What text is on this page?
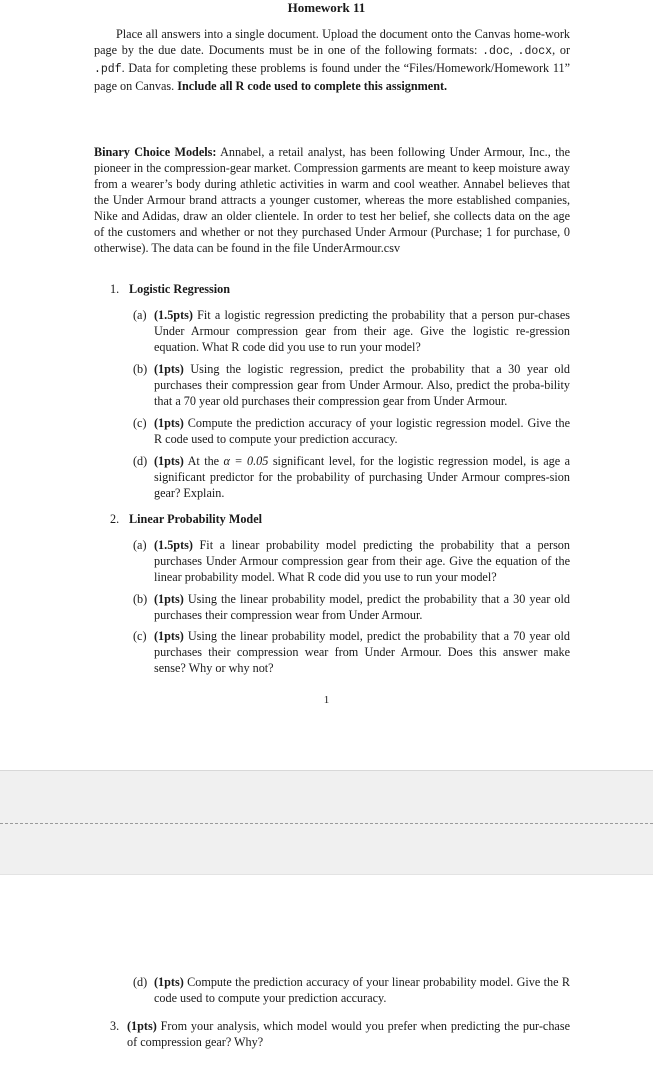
Homework 11
Place all answers into a single document. Upload the document onto the Canvas home-work page by the due date. Documents must be in one of the following formats: .doc, .docx, or .pdf. Data for completing these problems is found under the “Files/Homework/Homework 11” page on Canvas. Include all R code used to complete this assignment.
Binary Choice Models: Annabel, a retail analyst, has been following Under Armour, Inc., the pioneer in the compression-gear market. Compression garments are meant to keep moisture away from a wearer’s body during athletic activities in warm and cool weather. Annabel believes that the Under Armour brand attracts a younger customer, whereas the more established companies, Nike and Adidas, draw an older clientele. In order to test her belief, she collects data on the age of the customers and whether or not they purchased Under Armour (Purchase; 1 for purchase, 0 otherwise). The data can be found in the file UnderArmour.csv
1. Logistic Regression
(a) (1.5pts) Fit a logistic regression predicting the probability that a person pur-chases Under Armour compression gear from their age. Give the logistic re-gression equation. What R code did you use to run your model?
(b) (1pts) Using the logistic regression, predict the probability that a 30 year old purchases their compression gear from Under Armour. Also, predict the proba-bility that a 70 year old purchases their compression gear from Under Armour.
(c) (1pts) Compute the prediction accuracy of your logistic regression model. Give the R code used to compute your prediction accuracy.
(d) (1pts) At the α = 0.05 significant level, for the logistic regression model, is age a significant predictor for the probability of purchasing Under Armour compres-sion gear? Explain.
2. Linear Probability Model
(a) (1.5pts) Fit a linear probability model predicting the probability that a person purchases Under Armour compression gear from their age. Give the equation of the linear probability model. What R code did you use to run your model?
(b) (1pts) Using the linear probability model, predict the probability that a 30 year old purchases their compression wear from Under Armour.
(c) (1pts) Using the linear probability model, predict the probability that a 70 year old purchases their compression wear from Under Armour. Does this answer make sense? Why or why not?
1
(d) (1pts) Compute the prediction accuracy of your linear probability model. Give the R code used to compute your prediction accuracy.
3. (1pts) From your analysis, which model would you prefer when predicting the pur-chase of compression gear? Why?
